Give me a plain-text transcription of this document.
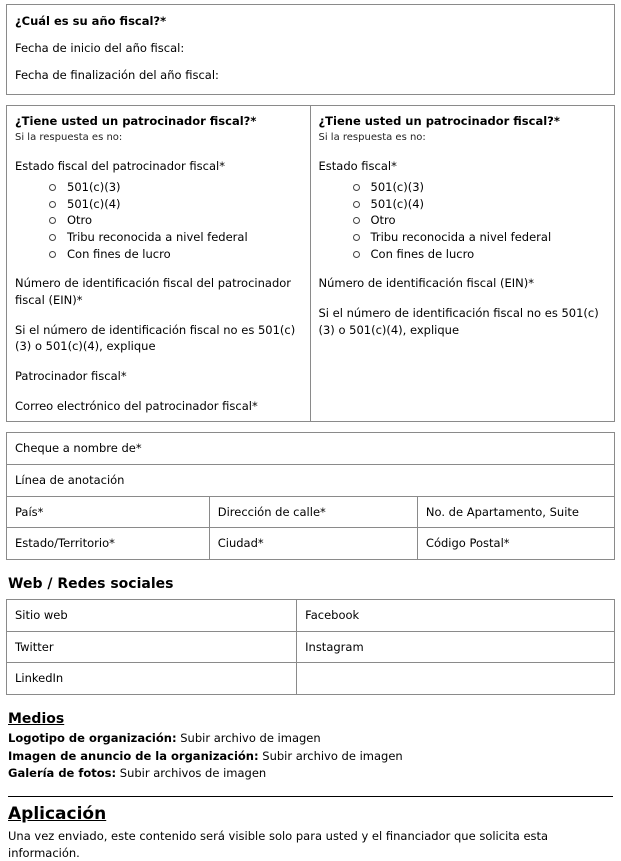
¿Cuál es su año fiscal?*
Fecha de inicio del año fiscal:
Fecha de finalización del año fiscal:
¿Tiene usted un patrocinador fiscal?*
Si la respuesta es no:
Estado fiscal del patrocinador fiscal*
501(c)(3)
501(c)(4)
Otro
Tribu reconocida a nivel federal
Con fines de lucro
Número de identificación fiscal del patrocinador fiscal (EIN)*
Si el número de identificación fiscal no es 501(c)(3) o 501(c)(4), explique
Patrocinador fiscal*
Correo electrónico del patrocinador fiscal*
¿Tiene usted un patrocinador fiscal?*
Si la respuesta es no:
Estado fiscal*
501(c)(3)
501(c)(4)
Otro
Tribu reconocida a nivel federal
Con fines de lucro
Número de identificación fiscal (EIN)*
Si el número de identificación fiscal no es 501(c)(3) o 501(c)(4), explique
Cheque a nombre de*
Línea de anotación
País*	Dirección de calle*	No. de Apartamento, Suite
Estado/Territorio*	Ciudad*	Código Postal*
Web / Redes sociales
Sitio web	Facebook
Twitter	Instagram
LinkedIn
Medios
Logotipo de organización: Subir archivo de imagen
Imagen de anuncio de la organización: Subir archivo de imagen
Galería de fotos: Subir archivos de imagen
Aplicación
Una vez enviado, este contenido será visible solo para usted y el financiador que solicita esta información.
